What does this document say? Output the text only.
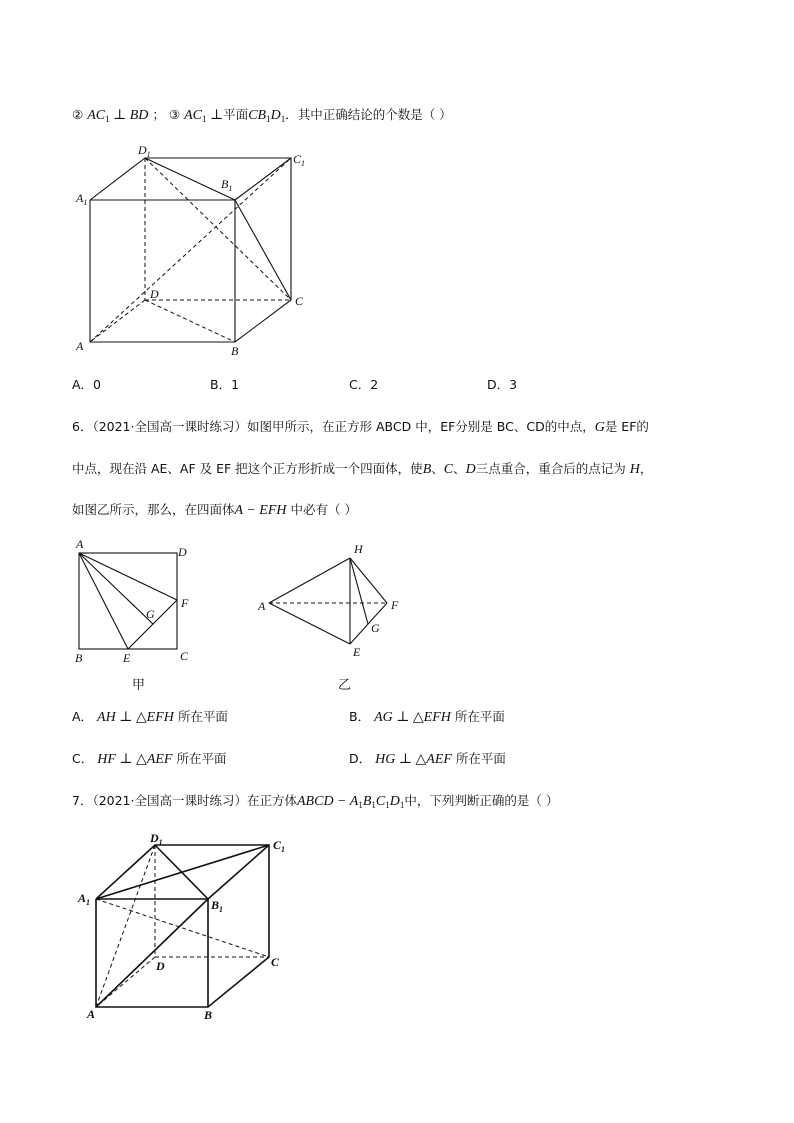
② $AC_1$ ⊥ BD ； ③ $AC_1$ ⊥平面$CB_1D_1$．其中正确结论的个数是（ ）
$D_1$	$C_1$
$B_1$
$A_1$
D	C
A	B
A．0	B．1	C．2	D．3
6．（2021·全国高一课时练习）如图甲所示，在正方形 ABCD 中，EF分别是 BC、CD的中点，G是 EF的
中点，现在沿 AE、AF 及 EF 把这个正方形折成一个四面体，使B、C、D三点重合，重合后的点记为 H，
如图乙所示，那么，在四面体A − EFH 中必有（ ）
A
D
F
G
B	E	C
甲
H
A	F
G
E
乙
A． AH ⊥ △EFH 所在平面	B． AG ⊥ △EFH 所在平面
C． HF ⊥ △AEF 所在平面	D． HG ⊥ △AEF 所在平面
7．（2021·全国高一课时练习）在正方体ABCD − $A_1B_1C_1D_1$中，下列判断正确的是（ ）
$D_1$	$C_1$
$A_1$	$B_1$
D	C
A	B
